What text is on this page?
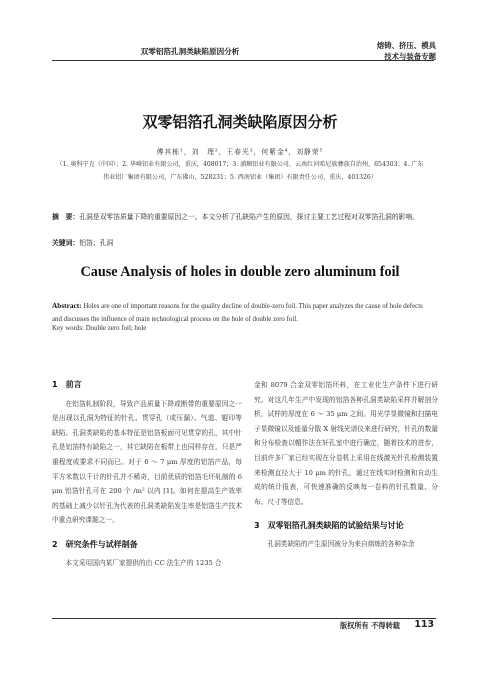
双零铝箔孔洞类缺陷原因分析
熔铸、挤压、模具
技术与装备专题
双零铝箔孔洞类缺陷原因分析
傅其栋¹，刘　理²，王春光³，何紫金⁴，刘静荣⁵
（1. 奥科宁克（中国）；2. 华峰铝业有限公司，重庆，408017；3. 浦顺铝业有限公司，云南红河哈尼族彝族自治州，654303；4. 广东伟业铝厂集团有限公司，广东佛山，528231；5. 西南铝业（集团）有限责任公司，重庆，401326）
摘　要：孔洞是双零箔质量下降的重要原因之一。本文分析了孔缺陷产生的原因，探讨主要工艺过程对双零箔孔洞的影响。
关键词：铝箔；孔洞
Cause Analysis of holes in double zero aluminum foil
Abstract: Holes are one of important reasons for the quality decline of double-zero foil. This paper analyzes the cause of hole defects and discusses the influence of main technological process on the hole of double zero foil.
Key words: Double zero foil; hole
1　前言

在铝箔轧制阶段，导致产品质量下降或断带的重要原因之一是出现以孔洞为特征的针孔、贯穿孔（或压漏）、气道、辊印等缺陷。孔洞类缺陷的基本特征是铝箔板面可见贯穿的孔，其中针孔是铝箔特有缺陷之一，其它缺陷在板带上也同样存在，只是严重程度或要求不同而已。对于 6 ～ 7 μm 厚度的铝箔产品，每平方米数以千计的针孔并不稀奇，目前优质的铝箔毛坯轧制的 6 μm 铝箔针孔可在 200 个 /m² 以内 [1]。如何在提高生产效率的基础上减少以针孔为代表的孔洞类缺陷发生率是铝箔生产技术中重点研究课题之一。

2　研究条件与试样制备

本文采用国内某厂家提供的由 CC 法生产的 1235 合

金和 8079 合金双零铝箔坯料，在工业化生产条件下进行研究。对这几年生产中发现的铝箔各种孔洞类缺陷采样并解剖分析，试样的厚度在 6 ～ 35 μm 之间。用光学显微镜和扫描电子显微镜以及能量分散 X 射线光谱仪来进行研究，针孔的数量和分布检查以帽作法在轩孔室中进行确定，随着技术的进步，目前许多厂家已经实现在分卷机上采用在线激光针孔检测装置来检测直径大于 10 μm 的针孔，通过在线实时检测和自动生成的统计报表，可快速准确的反映每一卷料的针孔数量、分布、尺寸等信息。

3　双零铝箔孔洞类缺陷的试验结果与讨论

孔洞类缺陷的产生原因被分为来自熔炼的各种杂余

版权所有 不得转载 113
